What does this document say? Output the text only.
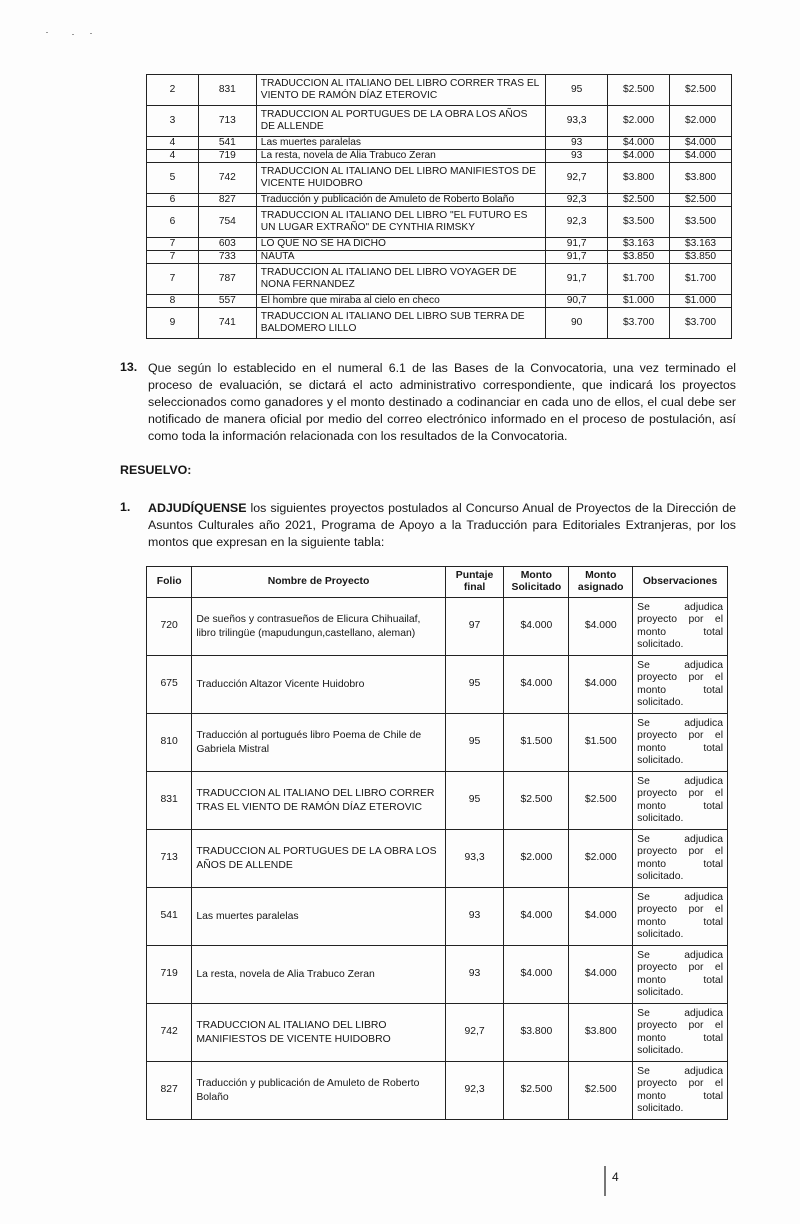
2	831	TRADUCCION AL ITALIANO DEL LIBRO CORRER TRAS EL VIENTO DE RAMÓN DÍAZ ETEROVIC	95	$2.500	$2.500
3	713	TRADUCCION AL PORTUGUES DE LA OBRA LOS AÑOS DE ALLENDE	93,3	$2.000	$2.000
4	541	Las muertes paralelas	93	$4.000	$4.000
4	719	La resta, novela de Alia Trabuco Zeran	93	$4.000	$4.000
5	742	TRADUCCION AL ITALIANO DEL LIBRO MANIFIESTOS DE VICENTE HUIDOBRO	92,7	$3.800	$3.800
6	827	Traducción y publicación de Amuleto de Roberto Bolaño	92,3	$2.500	$2.500
6	754	TRADUCCION AL ITALIANO DEL LIBRO "EL FUTURO ES UN LUGAR EXTRAÑO" DE CYNTHIA RIMSKY	92,3	$3.500	$3.500
7	603	LO QUE NO SE HA DICHO	91,7	$3.163	$3.163
7	733	NAUTA	91,7	$3.850	$3.850
7	787	TRADUCCION AL ITALIANO DEL LIBRO VOYAGER DE NONA FERNANDEZ	91,7	$1.700	$1.700
8	557	El hombre que miraba al cielo en checo	90,7	$1.000	$1.000
9	741	TRADUCCION AL ITALIANO DEL LIBRO SUB TERRA DE BALDOMERO LILLO	90	$3.700	$3.700
13. Que según lo establecido en el numeral 6.1 de las Bases de la Convocatoria, una vez terminado el proceso de evaluación, se dictará el acto administrativo correspondiente, que indicará los proyectos seleccionados como ganadores y el monto destinado a codinanciar en cada uno de ellos, el cual debe ser notificado de manera oficial por medio del correo electrónico informado en el proceso de postulación, así como toda la información relacionada con los resultados de la Convocatoria.
RESUELVO:
1. ADJUDÍQUENSE los siguientes proyectos postulados al Concurso Anual de Proyectos de la Dirección de Asuntos Culturales año 2021, Programa de Apoyo a la Traducción para Editoriales Extranjeras, por los montos que expresan en la siguiente tabla:
Folio	Nombre de Proyecto	Puntaje final	Monto Solicitado	Monto asignado	Observaciones
720	De sueños y contrasueños de Elicura Chihuailaf, libro trilingüe (mapudungun,castellano, aleman)	97	$4.000	$4.000	Se adjudica proyecto por el monto total solicitado.
675	Traducción Altazor Vicente Huidobro	95	$4.000	$4.000	Se adjudica proyecto por el monto total solicitado.
810	Traducción al portugués libro Poema de Chile de Gabriela Mistral	95	$1.500	$1.500	Se adjudica proyecto por el monto total solicitado.
831	TRADUCCION AL ITALIANO DEL LIBRO CORRER TRAS EL VIENTO DE RAMÓN DÍAZ ETEROVIC	95	$2.500	$2.500	Se adjudica proyecto por el monto total solicitado.
713	TRADUCCION AL PORTUGUES DE LA OBRA LOS AÑOS DE ALLENDE	93,3	$2.000	$2.000	Se adjudica proyecto por el monto total solicitado.
541	Las muertes paralelas	93	$4.000	$4.000	Se adjudica proyecto por el monto total solicitado.
719	La resta, novela de Alia Trabuco Zeran	93	$4.000	$4.000	Se adjudica proyecto por el monto total solicitado.
742	TRADUCCION AL ITALIANO DEL LIBRO MANIFIESTOS DE VICENTE HUIDOBRO	92,7	$3.800	$3.800	Se adjudica proyecto por el monto total solicitado.
827	Traducción y publicación de Amuleto de Roberto Bolaño	92,3	$2.500	$2.500	Se adjudica proyecto por el monto total solicitado.
4
